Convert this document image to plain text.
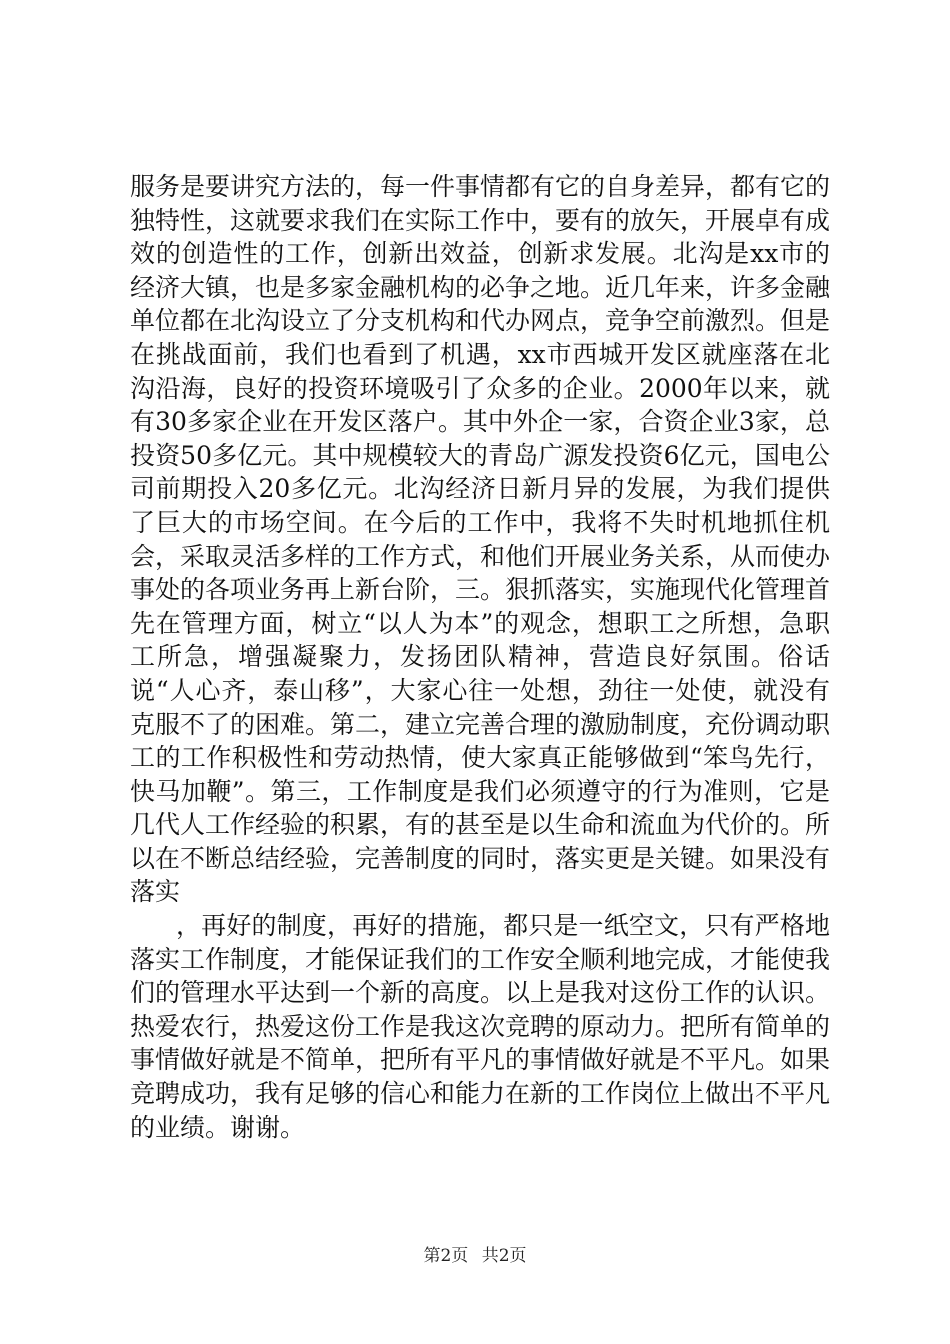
服务是要讲究方法的，每一件事情都有它的自身差异，都有它的独特性，这就要求我们在实际工作中，要有的放矢，开展卓有成效的创造性的工作，创新出效益，创新求发展。北沟是xx市的经济大镇，也是多家金融机构的必争之地。近几年来，许多金融单位都在北沟设立了分支机构和代办网点，竞争空前激烈。但是在挑战面前，我们也看到了机遇，xx市西城开发区就座落在北沟沿海，良好的投资环境吸引了众多的企业。2000年以来，就有30多家企业在开发区落户。其中外企一家，合资企业3家，总投资50多亿元。其中规模较大的青岛广源发投资6亿元，国电公司前期投入20多亿元。北沟经济日新月异的发展，为我们提供了巨大的市场空间。在今后的工作中，我将不失时机地抓住机会，采取灵活多样的工作方式，和他们开展业务关系，从而使办事处的各项业务再上新台阶，三。狠抓落实，实施现代化管理首先在管理方面，树立“以人为本”的观念，想职工之所想，急职工所急，增强凝聚力，发扬团队精神，营造良好氛围。俗话说“人心齐，泰山移”，大家心往一处想，劲往一处使，就没有克服不了的困难。第二，建立完善合理的激励制度，充份调动职工的工作积极性和劳动热情，使大家真正能够做到“笨鸟先行，快马加鞭”。第三，工作制度是我们必须遵守的行为准则，它是几代人工作经验的积累，有的甚至是以生命和流血为代价的。所以在不断总结经验，完善制度的同时，落实更是关键。如果没有落实

，再好的制度，再好的措施，都只是一纸空文，只有严格地落实工作制度，才能保证我们的工作安全顺利地完成，才能使我们的管理水平达到一个新的高度。以上是我对这份工作的认识。热爱农行，热爱这份工作是我这次竞聘的原动力。把所有简单的事情做好就是不简单，把所有平凡的事情做好就是不平凡。如果竞聘成功，我有足够的信心和能力在新的工作岗位上做出不平凡的业绩。谢谢。

第2页 共2页
